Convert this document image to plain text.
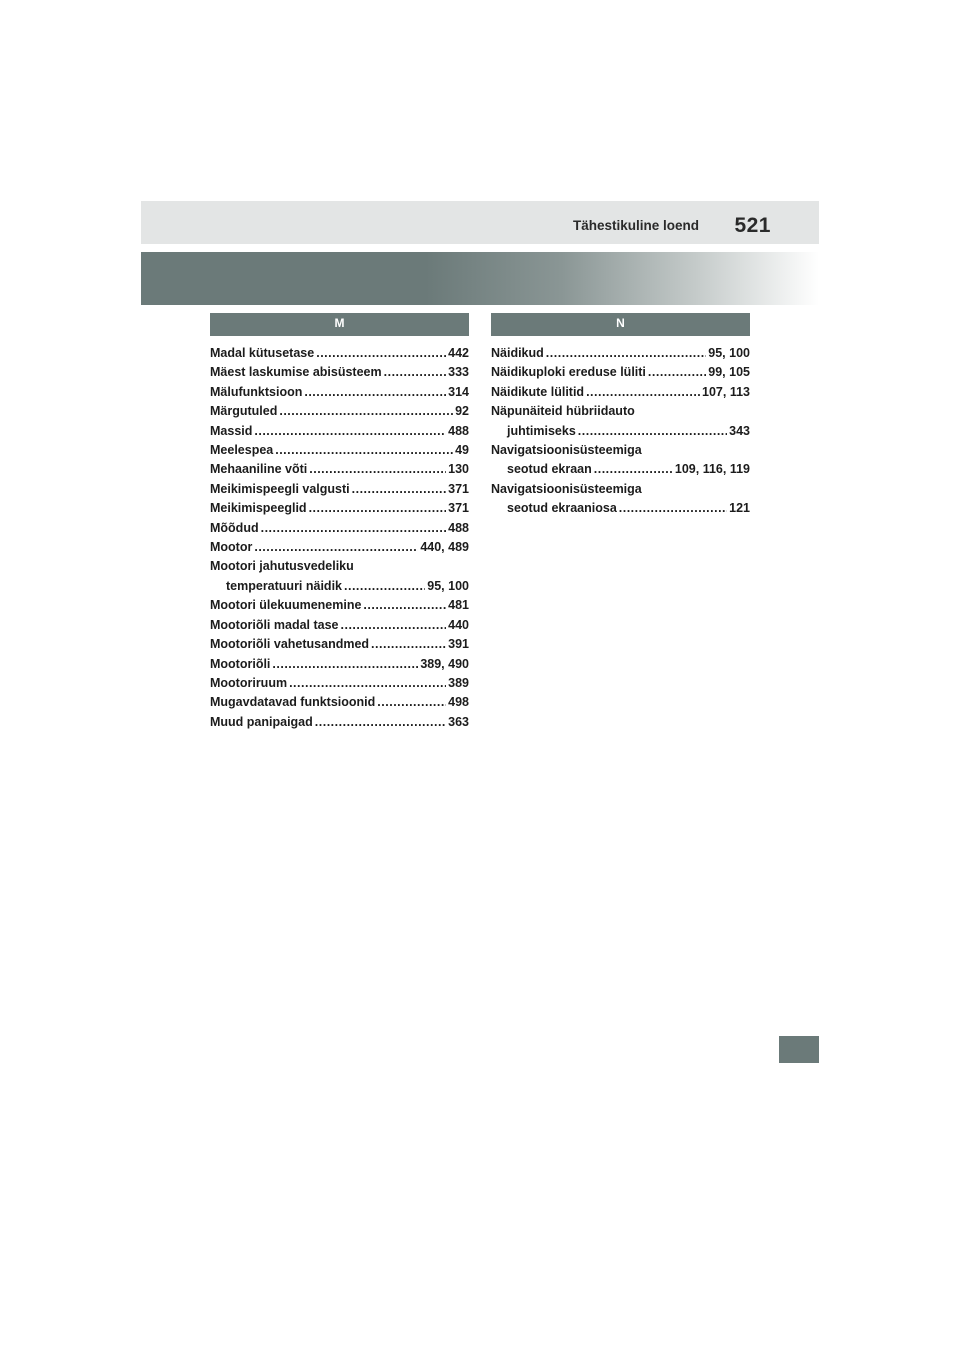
Tähestikuline loend 521
M
Madal kütusetase .....	442
Mäest laskumise abisüsteem .....	333
Mälufunktsioon .....	314
Märgutuled .....	92
Massid .....	488
Meelespea .....	49
Mehaaniline võti .....	130
Meikimispeegli valgusti .....	371
Meikimispeeglid .....	371
Mõõdud .....	488
Mootor .....	440, 489
Mootori jahutusvedeliku
temperatuuri näidik .....	95, 100
Mootori ülekuumenemine .....	481
Mootoriõli madal tase .....	440
Mootoriõli vahetusandmed .....	391
Mootoriõli .....	389, 490
Mootoriruum .....	389
Mugavdatavad funktsioonid .....	498
Muud panipaigad .....	363
N
Näidikud .....	95, 100
Näidikuploki ereduse lüliti .....	99, 105
Näidikute lülitid .....	107, 113
Näpunäiteid hübriidauto
juhtimiseks .....	343
Navigatsioonisüsteemiga
seotud ekraan .....	109, 116, 119
Navigatsioonisüsteemiga
seotud ekraaniosa .....	121
